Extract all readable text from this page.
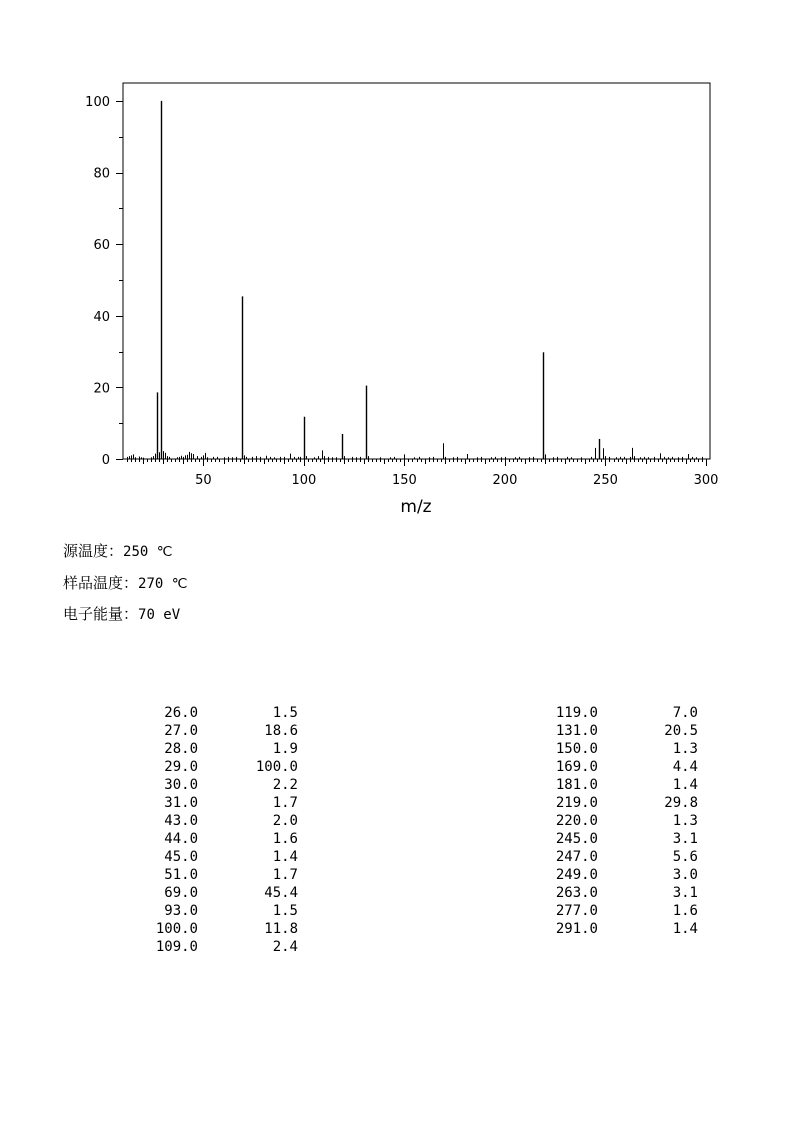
50	100	150	200	250	300
0
20
40
60
80
100
m/z
源温度：250 ℃
样品温度：270 ℃
电子能量：70 eV
26.0	1.5
27.0	18.6
28.0	1.9
29.0	100.0
30.0	2.2
31.0	1.7
43.0	2.0
44.0	1.6
45.0	1.4
51.0	1.7
69.0	45.4
93.0	1.5
100.0	11.8
109.0	2.4
119.0	7.0
131.0	20.5
150.0	1.3
169.0	4.4
181.0	1.4
219.0	29.8
220.0	1.3
245.0	3.1
247.0	5.6
249.0	3.0
263.0	3.1
277.0	1.6
291.0	1.4
